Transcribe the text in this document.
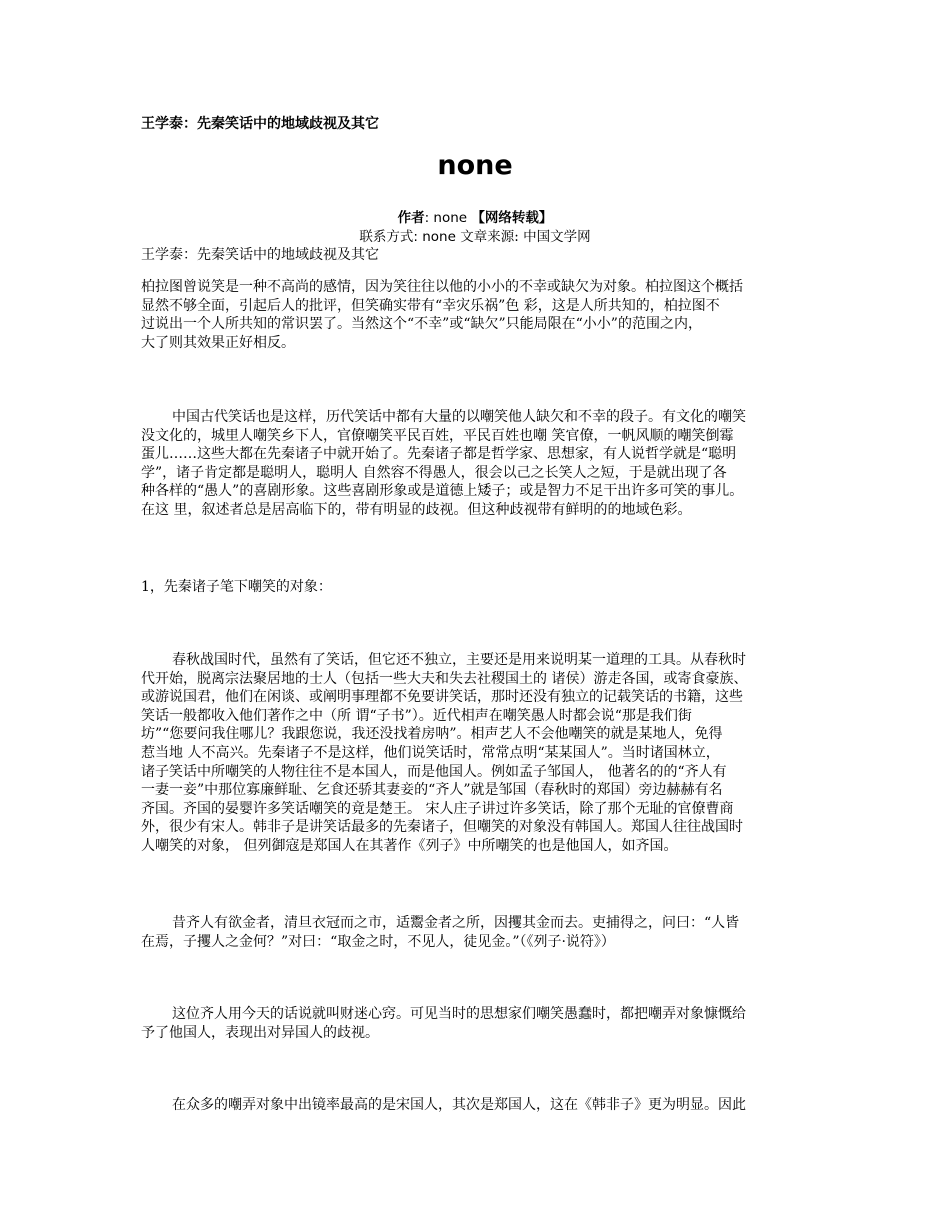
王学泰：先秦笑话中的地域歧视及其它
none
作者: none 【网络转载】
联系方式: none 文章来源: 中国文学网
王学泰：先秦笑话中的地域歧视及其它
柏拉图曾说笑是一种不高尚的感情，因为笑往往以他的小小的不幸或缺欠为对象。柏拉图这个概括
显然不够全面，引起后人的批评，但笑确实带有“幸灾乐祸”色 彩，这是人所共知的，柏拉图不
过说出一个人所共知的常识罢了。当然这个“不幸”或“缺欠”只能局限在“小小”的范围之内，
大了则其效果正好相反。
中国古代笑话也是这样，历代笑话中都有大量的以嘲笑他人缺欠和不幸的段子。有文化的嘲笑
没文化的，城里人嘲笑乡下人，官僚嘲笑平民百姓，平民百姓也嘲 笑官僚，一帆风顺的嘲笑倒霉
蛋儿……这些大都在先秦诸子中就开始了。先秦诸子都是哲学家、思想家，有人说哲学就是“聪明
学”，诸子肯定都是聪明人，聪明人 自然容不得愚人，很会以己之长笑人之短，于是就出现了各
种各样的“愚人”的喜剧形象。这些喜剧形象或是道德上矮子；或是智力不足干出许多可笑的事儿。
在这 里，叙述者总是居高临下的，带有明显的歧视。但这种歧视带有鲜明的的地域色彩。
1，先秦诸子笔下嘲笑的对象：
春秋战国时代，虽然有了笑话，但它还不独立，主要还是用来说明某一道理的工具。从春秋时
代开始，脱离宗法聚居地的士人（包括一些大夫和失去社稷国土的 诸侯）游走各国，或寄食豪族、
或游说国君，他们在闲谈、或阐明事理都不免要讲笑话，那时还没有独立的记载笑话的书籍，这些
笑话一般都收入他们著作之中（所 谓“子书”）。近代相声在嘲笑愚人时都会说“那是我们街
坊”“您要问我住哪儿？我跟您说，我还没找着房呐”。相声艺人不会他嘲笑的就是某地人，免得
惹当地 人不高兴。先秦诸子不是这样，他们说笑话时，常常点明“某某国人”。当时诸国林立，
诸子笑话中所嘲笑的人物往往不是本国人，而是他国人。例如孟子邹国人， 他著名的的“齐人有
一妻一妾”中那位寡廉鲜耻、乞食还骄其妻妾的“齐人”就是邹国（春秋时的郑国）旁边赫赫有名
齐国。齐国的晏婴许多笑话嘲笑的竟是楚王。 宋人庄子讲过许多笑话，除了那个无耻的官僚曹商
外，很少有宋人。韩非子是讲笑话最多的先秦诸子，但嘲笑的对象没有韩国人。郑国人往往战国时
人嘲笑的对象， 但列御寇是郑国人在其著作《列子》中所嘲笑的也是他国人，如齐国。
昔齐人有欲金者，清旦衣冠而之市，适鬻金者之所，因攫其金而去。吏捕得之，问曰：“人皆
在焉，子攫人之金何？”对曰：“取金之时，不见人，徒见金。”（《列子·说符》）
这位齐人用今天的话说就叫财迷心窍。可见当时的思想家们嘲笑愚蠢时，都把嘲弄对象慷慨给
予了他国人，表现出对异国人的歧视。
在众多的嘲弄对象中出镜率最高的是宋国人，其次是郑国人，这在《韩非子》更为明显。因此
